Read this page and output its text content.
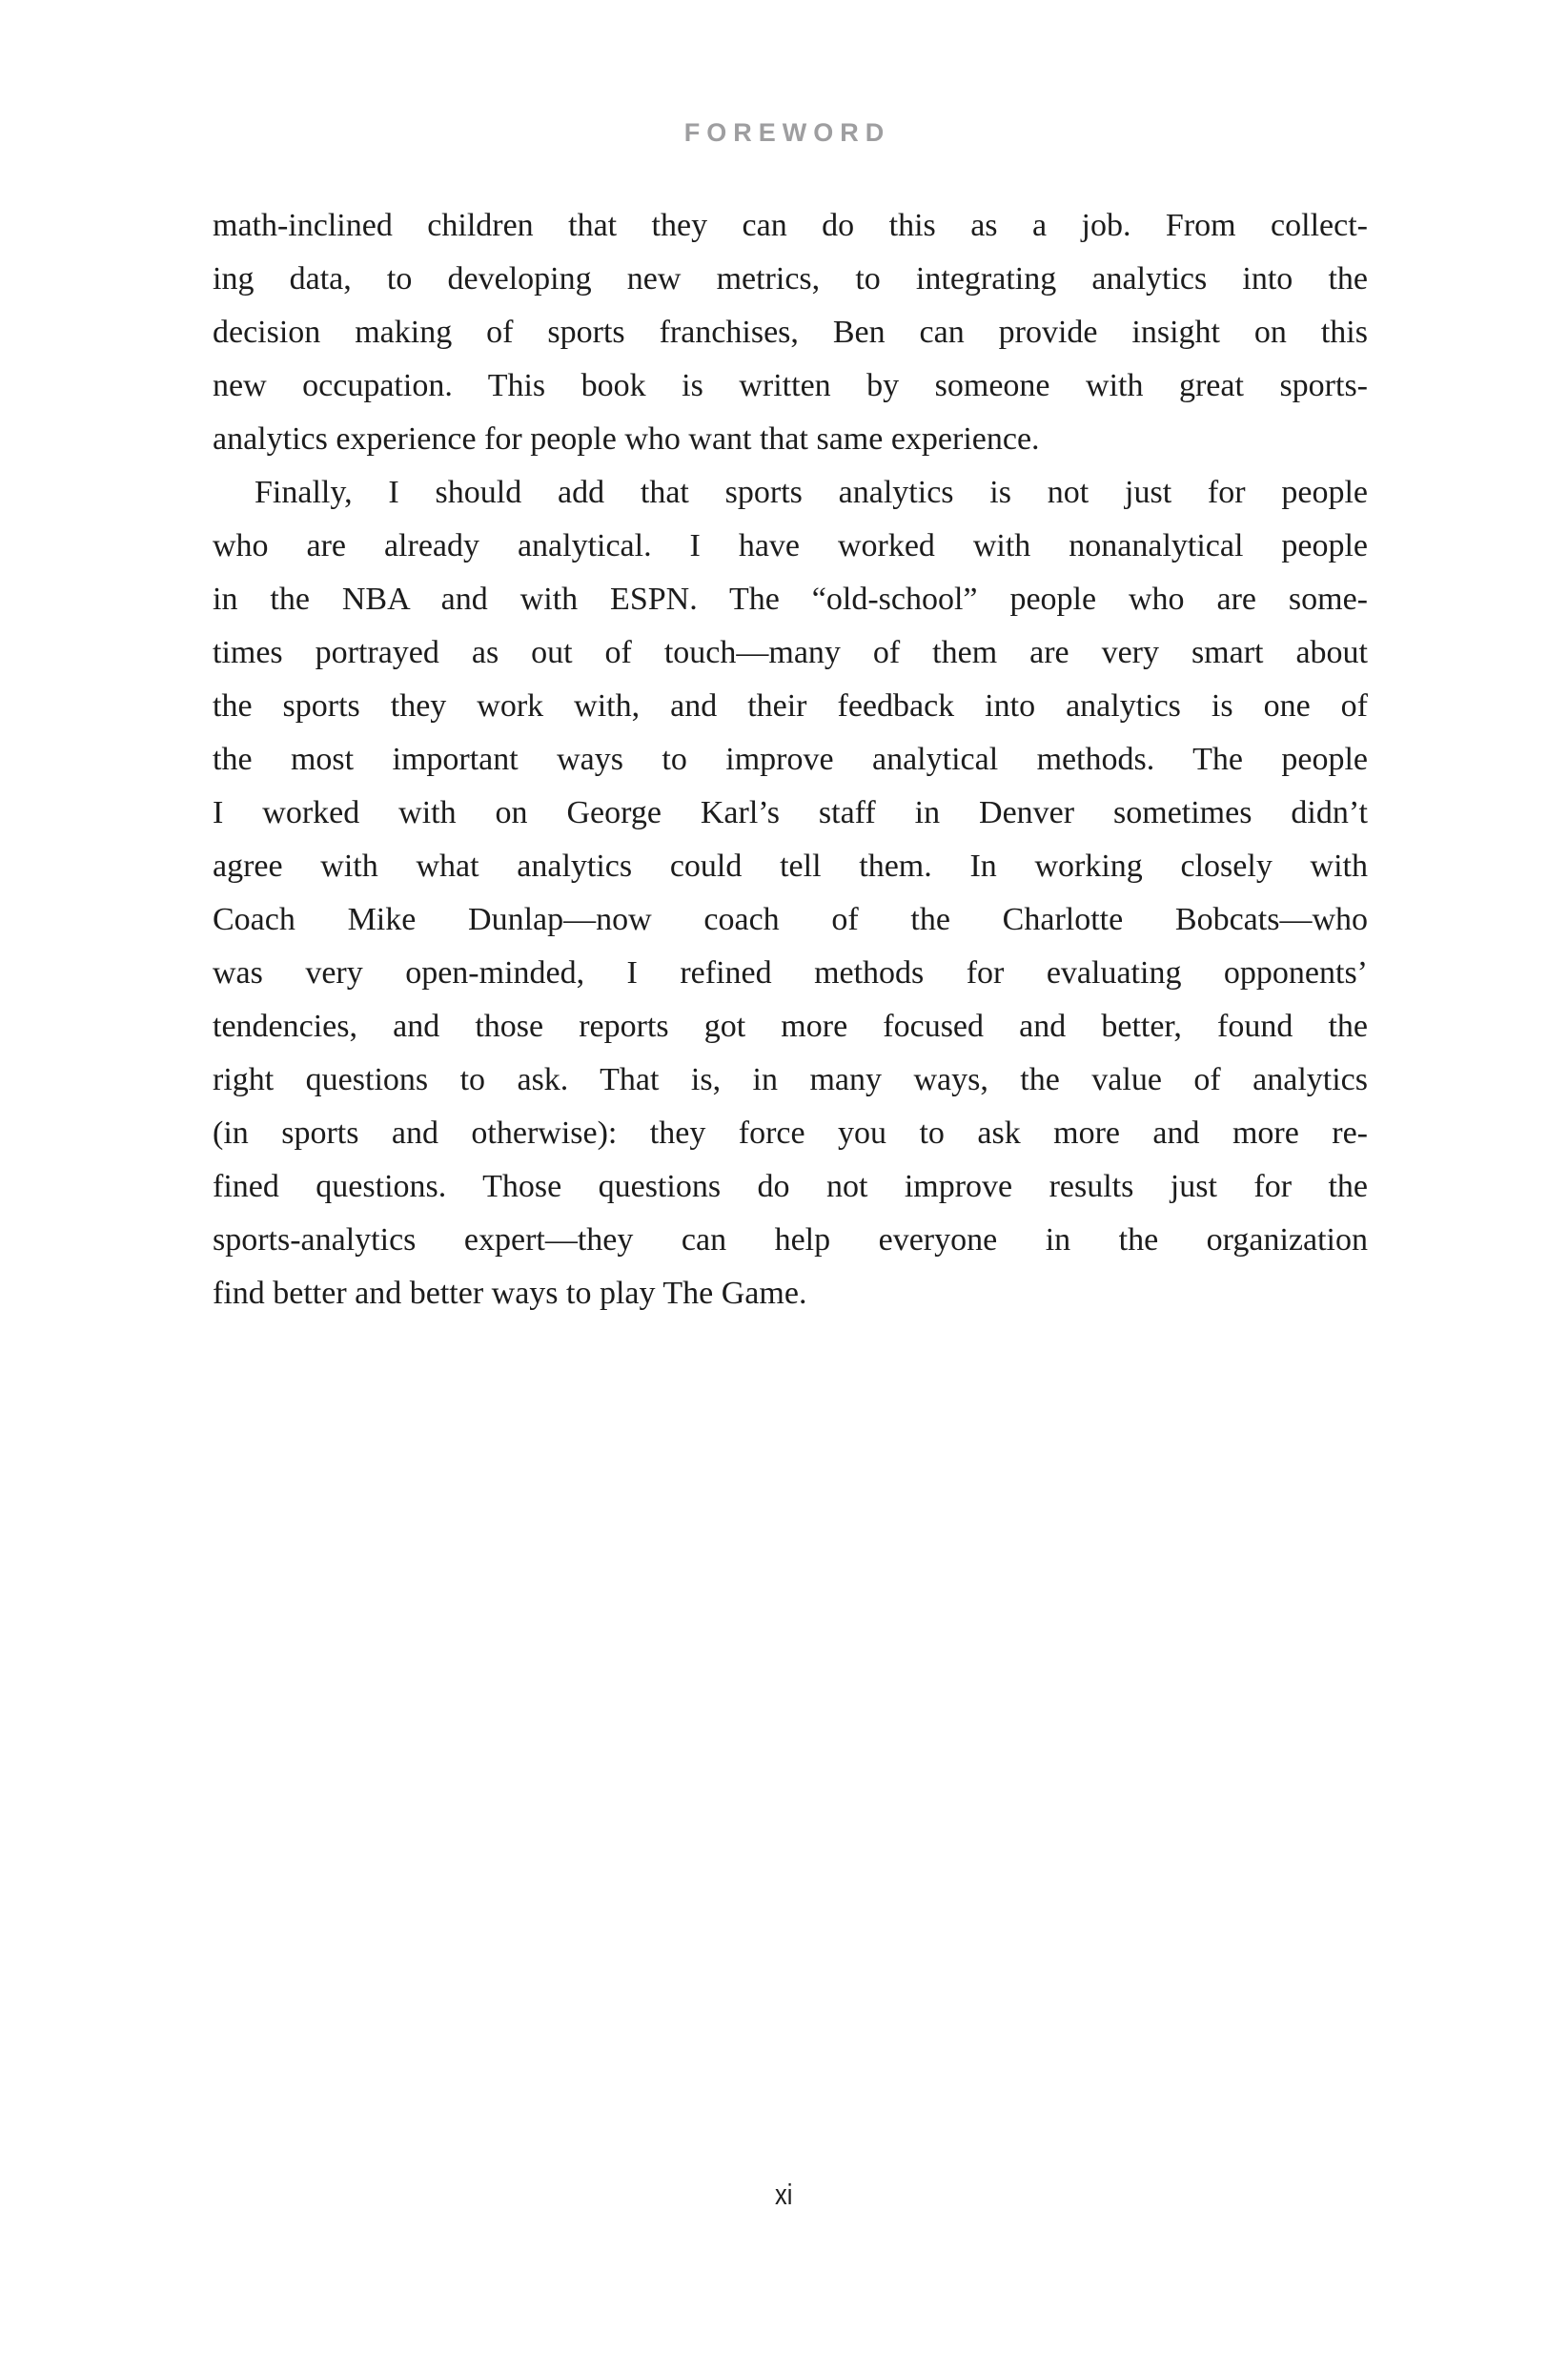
FOREWORD
math-inclined children that they can do this as a job. From collect-
ing data, to developing new metrics, to integrating analytics into the
decision making of sports franchises, Ben can provide insight on this
new occupation. This book is written by someone with great sports-
analytics experience for people who want that same experience.
Finally, I should add that sports analytics is not just for people
who are already analytical. I have worked with nonanalytical people
in the NBA and with ESPN. The “old-school” people who are some-
times portrayed as out of touch—many of them are very smart about
the sports they work with, and their feedback into analytics is one of
the most important ways to improve analytical methods. The people
I worked with on George Karl’s staff in Denver sometimes didn’t
agree with what analytics could tell them. In working closely with
Coach Mike Dunlap—now coach of the Charlotte Bobcats—who
was very open-minded, I refined methods for evaluating opponents’
tendencies, and those reports got more focused and better, found the
right questions to ask. That is, in many ways, the value of analytics
(in sports and otherwise): they force you to ask more and more re-
fined questions. Those questions do not improve results just for the
sports-analytics expert—they can help everyone in the organization
find better and better ways to play The Game.
xi
